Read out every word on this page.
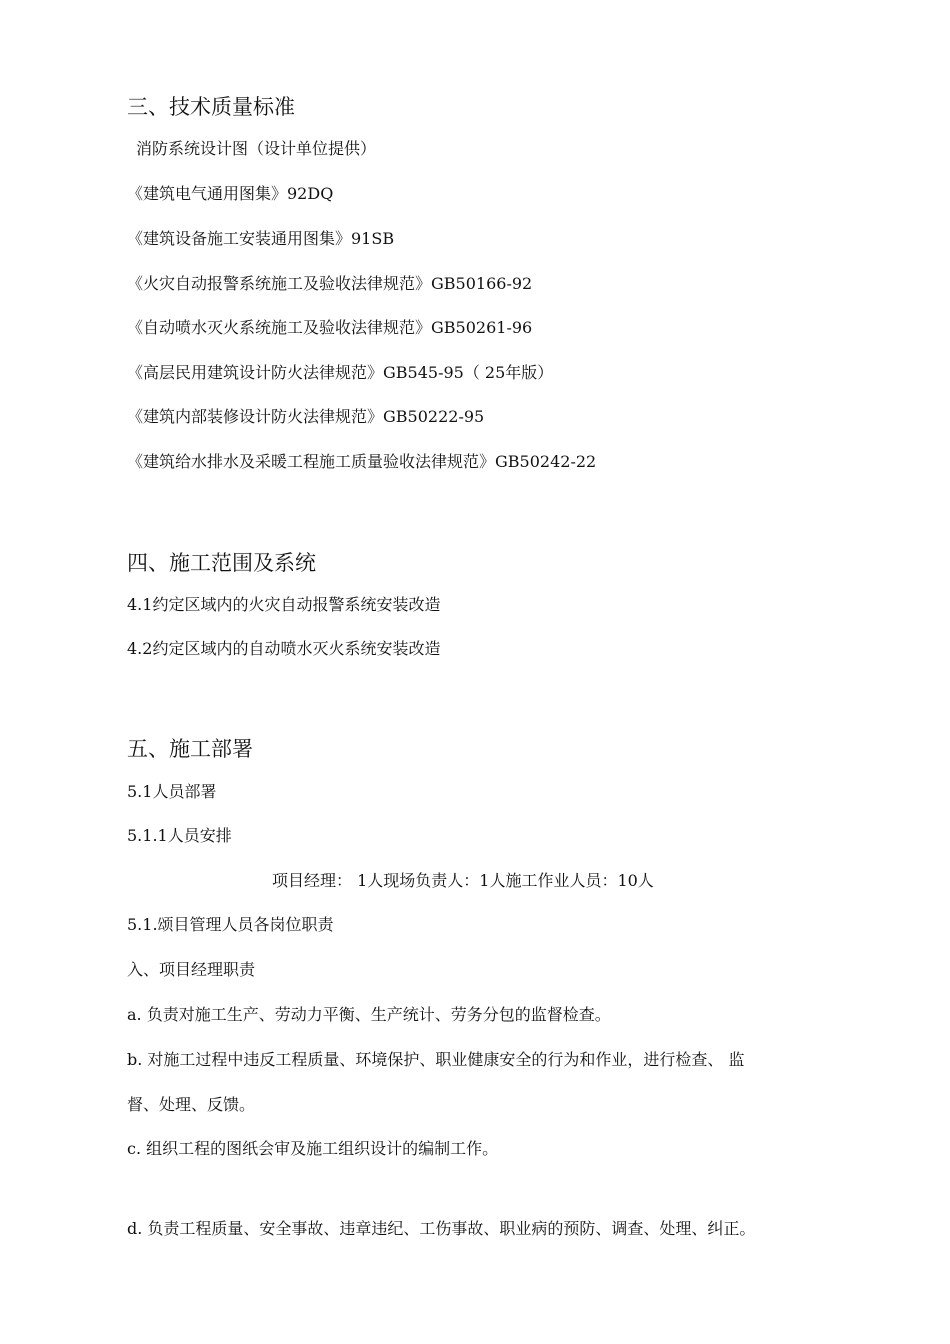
三、技术质量标准
消防系统设计图（设计单位提供）
《建筑电气通用图集》92DQ
《建筑设备施工安装通用图集》91SB
《火灾自动报警系统施工及验收法律规范》GB50166-92
《自动喷水灭火系统施工及验收法律规范》GB50261-96
《高层民用建筑设计防火法律规范》GB545-95（ 25年版）
《建筑内部装修设计防火法律规范》GB50222-95
《建筑给水排水及采暖工程施工质量验收法律规范》GB50242-22
四、施工范围及系统
4.1约定区域内的火灾自动报警系统安装改造
4.2约定区域内的自动喷水灭火系统安装改造
五、施工部署
5.1人员部署
5.1.1人员安排
项目经理： 1人现场负责人：1人施工作业人员：10人
5.1.颂目管理人员各岗位职责
入、项目经理职责
a. 负责对施工生产、劳动力平衡、生产统计、劳务分包的监督检查。
b. 对施工过程中违反工程质量、环境保护、职业健康安全的行为和作业，进行检查、 监
督、处理、反馈。
c. 组织工程的图纸会审及施工组织设计的编制工作。
d. 负责工程质量、安全事故、违章违纪、工伤事故、职业病的预防、调查、处理、纠正。
